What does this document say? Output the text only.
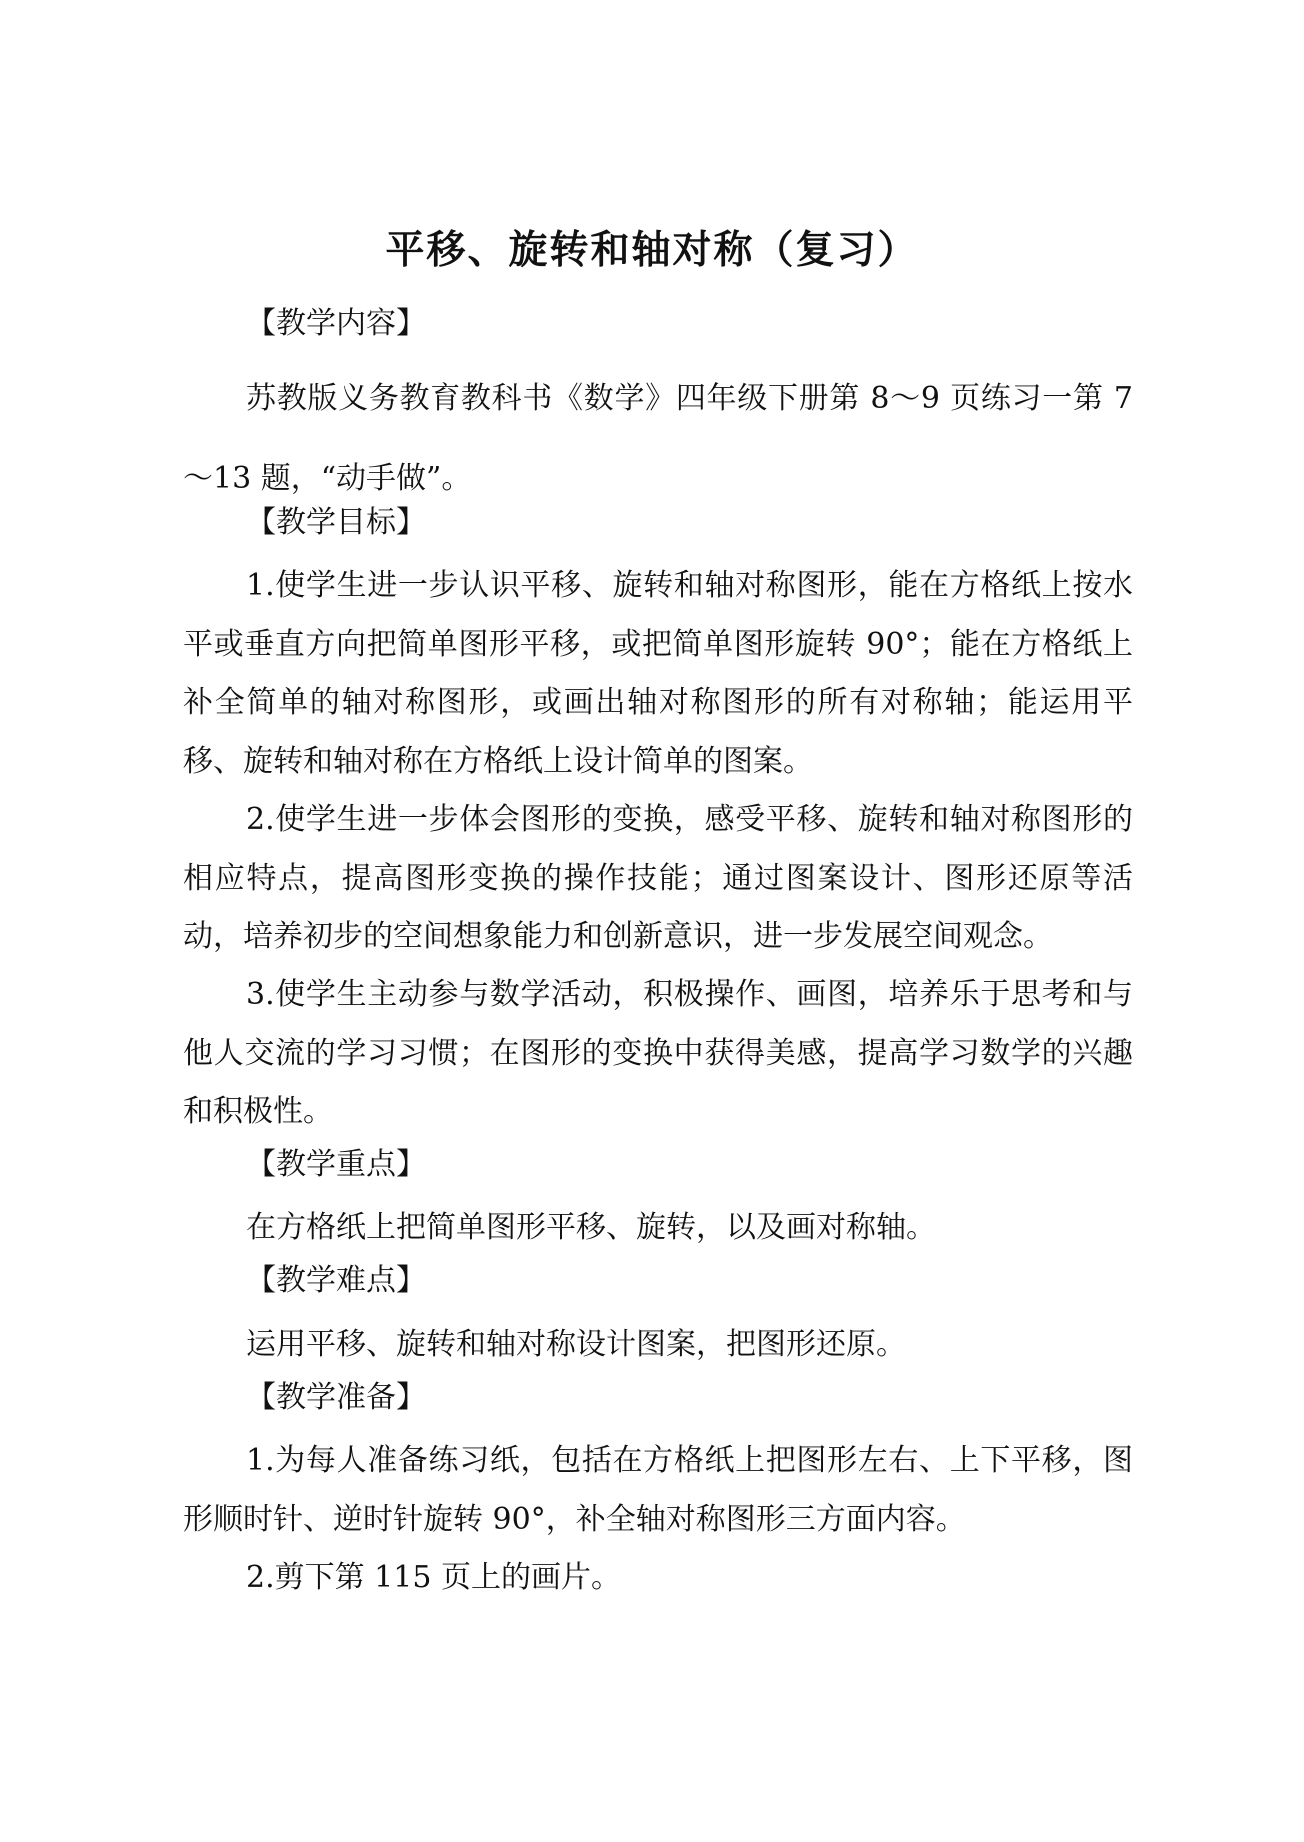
平移、旋转和轴对称（复习）
【教学内容】
苏教版义务教育教科书《数学》四年级下册第 8～9 页练习一第 7～13 题，“动手做”。
【教学目标】
1.使学生进一步认识平移、旋转和轴对称图形，能在方格纸上按水平或垂直方向把简单图形平移，或把简单图形旋转 90°；能在方格纸上补全简单的轴对称图形，或画出轴对称图形的所有对称轴；能运用平移、旋转和轴对称在方格纸上设计简单的图案。
2.使学生进一步体会图形的变换，感受平移、旋转和轴对称图形的相应特点，提高图形变换的操作技能；通过图案设计、图形还原等活动，培养初步的空间想象能力和创新意识，进一步发展空间观念。
3.使学生主动参与数学活动，积极操作、画图，培养乐于思考和与他人交流的学习习惯；在图形的变换中获得美感，提高学习数学的兴趣和积极性。
【教学重点】
在方格纸上把简单图形平移、旋转，以及画对称轴。
【教学难点】
运用平移、旋转和轴对称设计图案，把图形还原。
【教学准备】
1.为每人准备练习纸，包括在方格纸上把图形左右、上下平移，图形顺时针、逆时针旋转 90°，补全轴对称图形三方面内容。
2.剪下第 115 页上的画片。
